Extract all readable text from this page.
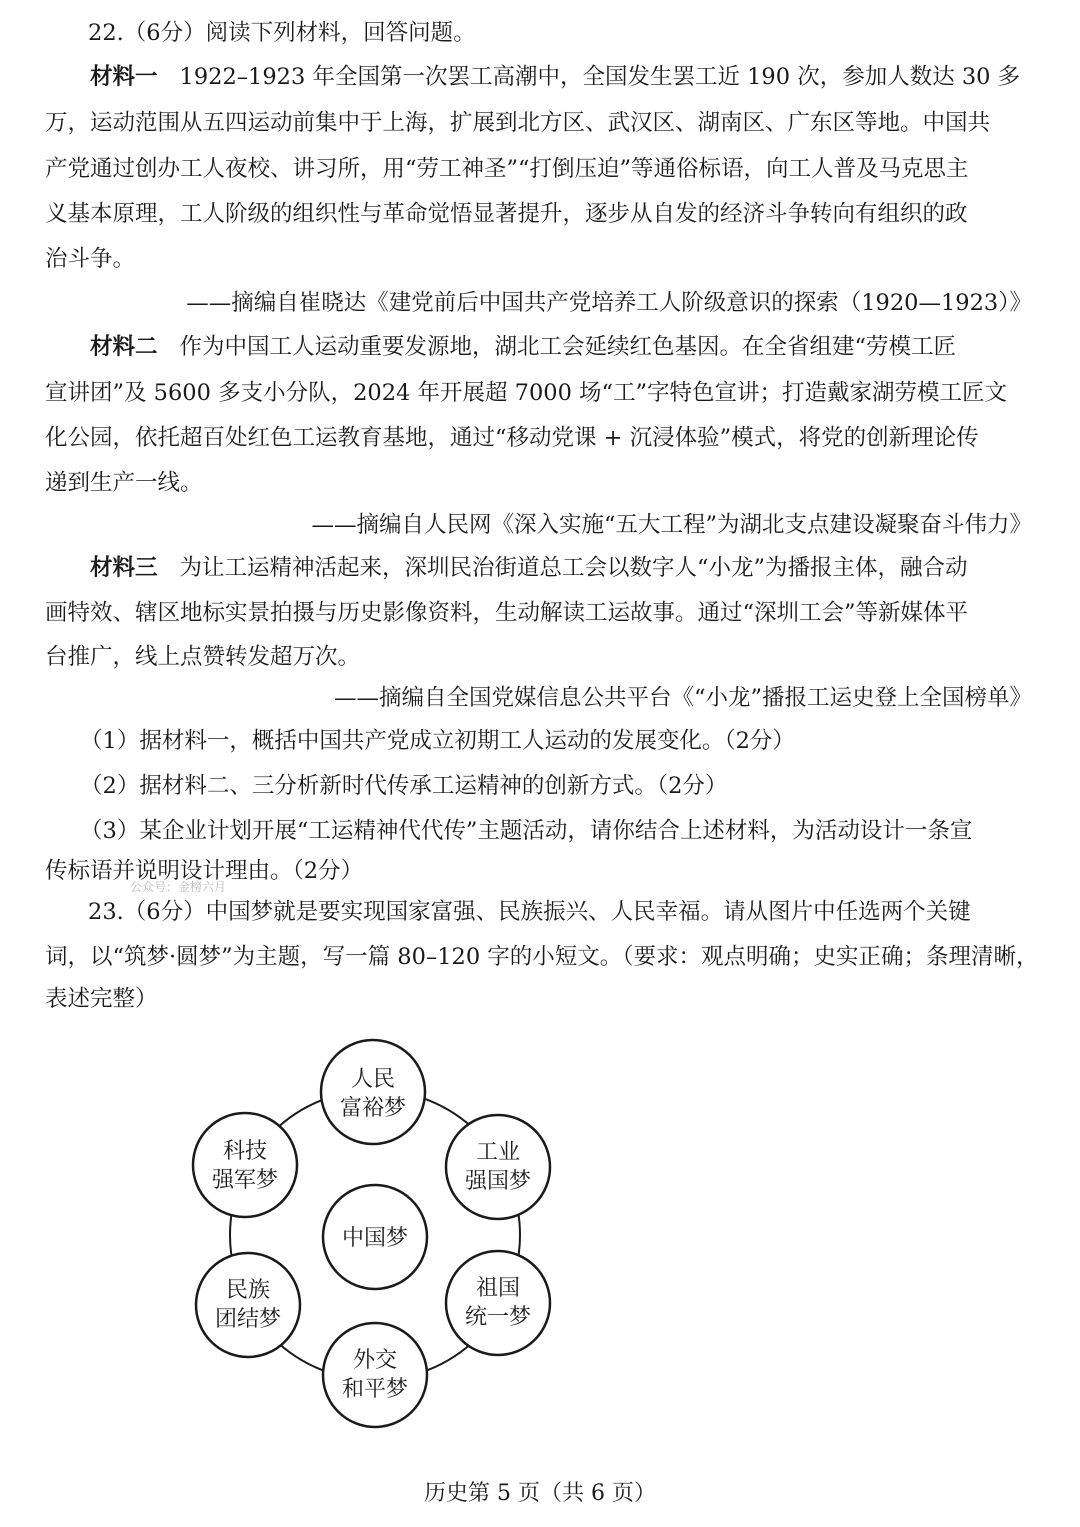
22.（6分）阅读下列材料，回答问题。
材料一 1922–1923 年全国第一次罢工高潮中，全国发生罢工近 190 次，参加人数达 30 多
万，运动范围从五四运动前集中于上海，扩展到北方区、武汉区、湖南区、广东区等地。中国共
产党通过创办工人夜校、讲习所，用“劳工神圣”“打倒压迫”等通俗标语，向工人普及马克思主
义基本原理，工人阶级的组织性与革命觉悟显著提升，逐步从自发的经济斗争转向有组织的政
治斗争。
——摘编自崔晓达《建党前后中国共产党培养工人阶级意识的探索（1920—1923）》
材料二 作为中国工人运动重要发源地，湖北工会延续红色基因。在全省组建“劳模工匠
宣讲团”及 5600 多支小分队，2024 年开展超 7000 场“工”字特色宣讲；打造戴家湖劳模工匠文
化公园，依托超百处红色工运教育基地，通过“移动党课 + 沉浸体验”模式，将党的创新理论传
递到生产一线。
——摘编自人民网《深入实施“五大工程”为湖北支点建设凝聚奋斗伟力》
材料三 为让工运精神活起来，深圳民治街道总工会以数字人“小龙”为播报主体，融合动
画特效、辖区地标实景拍摄与历史影像资料，生动解读工运故事。通过“深圳工会”等新媒体平
台推广，线上点赞转发超万次。
——摘编自全国党媒信息公共平台《“小龙”播报工运史登上全国榜单》
（1）据材料一，概括中国共产党成立初期工人运动的发展变化。（2分）
（2）据材料二、三分析新时代传承工运精神的创新方式。（2分）
（3）某企业计划开展“工运精神代代传”主题活动，请你结合上述材料，为活动设计一条宣
传标语并说明设计理由。（2分）
公众号：金榜六月
23.（6分）中国梦就是要实现国家富强、民族振兴、人民幸福。请从图片中任选两个关键
词，以“筑梦·圆梦”为主题，写一篇 80–120 字的小短文。（要求：观点明确；史实正确；条理清晰，
表述完整）
中国梦
人民
富裕梦
工业
强国梦
祖国
统一梦
外交
和平梦
民族
团结梦
科技
强军梦
历史第 5 页（共 6 页）
